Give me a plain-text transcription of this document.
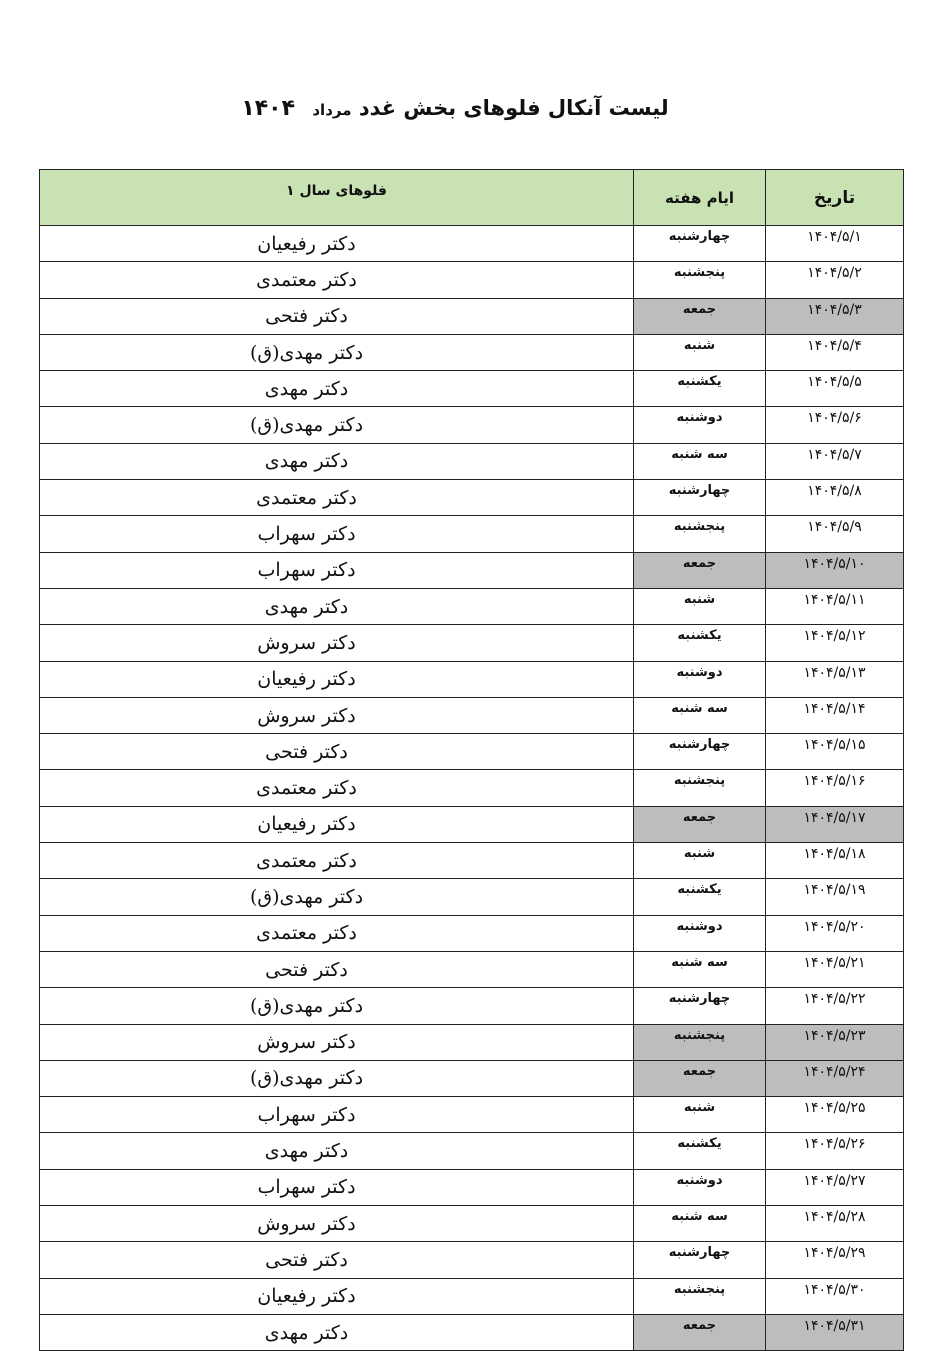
لیست آنکال فلوهای بخش غدد مرداد ۱۴۰۴
فلوهای سال ۱	ایام هفته	تاریخ
دکتر رفیعیان	چهارشنبه	۱۴۰۴/۵/۱
دکتر معتمدی	پنجشنبه	۱۴۰۴/۵/۲
دکتر فتحی	جمعه	۱۴۰۴/۵/۳
دکتر مهدی(ق)	شنبه	۱۴۰۴/۵/۴
دکتر مهدی	یکشنبه	۱۴۰۴/۵/۵
دکتر مهدی(ق)	دوشنبه	۱۴۰۴/۵/۶
دکتر مهدی	سه شنبه	۱۴۰۴/۵/۷
دکتر معتمدی	چهارشنبه	۱۴۰۴/۵/۸
دکتر سهراب	پنجشنبه	۱۴۰۴/۵/۹
دکتر سهراب	جمعه	۱۴۰۴/۵/۱۰
دکتر مهدی	شنبه	۱۴۰۴/۵/۱۱
دکتر سروش	یکشنبه	۱۴۰۴/۵/۱۲
دکتر رفیعیان	دوشنبه	۱۴۰۴/۵/۱۳
دکتر سروش	سه شنبه	۱۴۰۴/۵/۱۴
دکتر فتحی	چهارشنبه	۱۴۰۴/۵/۱۵
دکتر معتمدی	پنجشنبه	۱۴۰۴/۵/۱۶
دکتر رفیعیان	جمعه	۱۴۰۴/۵/۱۷
دکتر معتمدی	شنبه	۱۴۰۴/۵/۱۸
دکتر مهدی(ق)	یکشنبه	۱۴۰۴/۵/۱۹
دکتر معتمدی	دوشنبه	۱۴۰۴/۵/۲۰
دکتر فتحی	سه شنبه	۱۴۰۴/۵/۲۱
دکتر مهدی(ق)	چهارشنبه	۱۴۰۴/۵/۲۲
دکتر سروش	پنجشنبه	۱۴۰۴/۵/۲۳
دکتر مهدی(ق)	جمعه	۱۴۰۴/۵/۲۴
دکتر سهراب	شنبه	۱۴۰۴/۵/۲۵
دکتر مهدی	یکشنبه	۱۴۰۴/۵/۲۶
دکتر سهراب	دوشنبه	۱۴۰۴/۵/۲۷
دکتر سروش	سه شنبه	۱۴۰۴/۵/۲۸
دکتر فتحی	چهارشنبه	۱۴۰۴/۵/۲۹
دکتر رفیعیان	پنجشنبه	۱۴۰۴/۵/۳۰
دکتر مهدی	جمعه	۱۴۰۴/۵/۳۱
